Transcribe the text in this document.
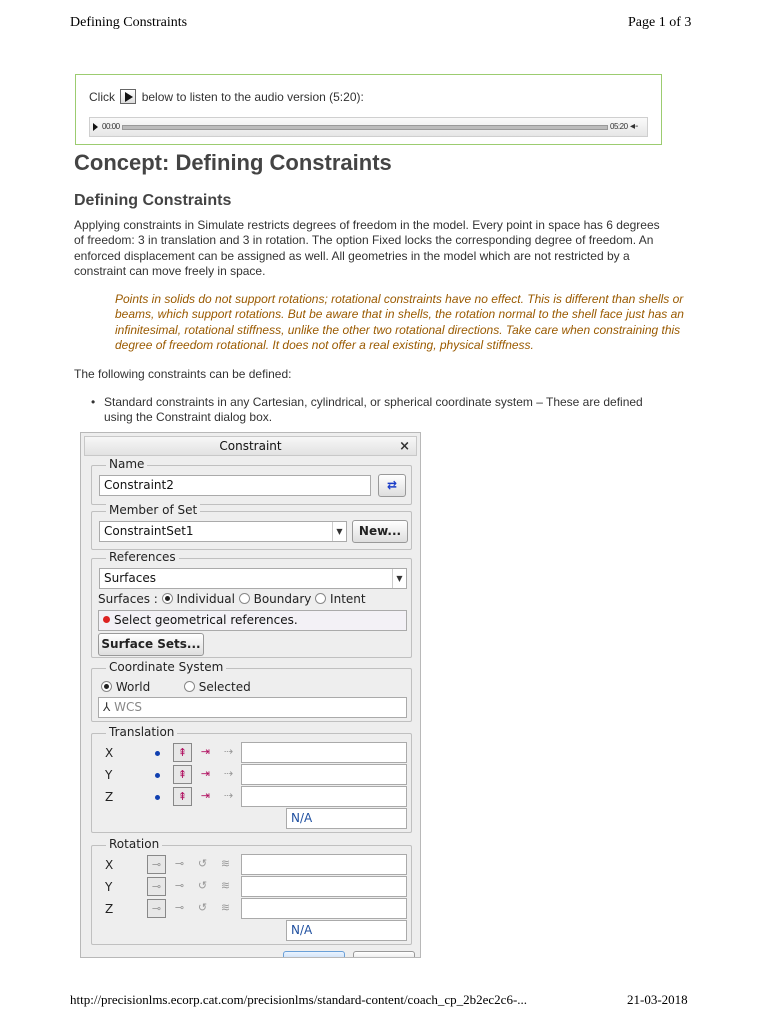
Defining Constraints	Page 1 of 3
Click below to listen to the audio version (5:20):
00:00	05:20 ◂-
Concept: Defining Constraints
Defining Constraints

Applying constraints in Simulate restricts degrees of freedom in the model. Every point in space has 6 degrees of freedom: 3 in translation and 3 in rotation. The option Fixed locks the corresponding degree of freedom. An enforced displacement can be assigned as well. All geometries in the model which are not restricted by a constraint can move freely in space.

Points in solids do not support rotations; rotational constraints have no effect. This is different than shells or beams, which support rotations. But be aware that in shells, the rotation normal to the shell face just has an infinitesimal, rotational stiffness, unlike the other two rotational directions. Take care when constraining this degree of freedom rotational. It does not offer a real existing, physical stiffness.

The following constraints can be defined:

• Standard constraints in any Cartesian, cylindrical, or spherical coordinate system – These are defined using the Constraint dialog box.

Constraint	×
Name
Constraint2	⇄
Member of Set
ConstraintSet1	▼	New...
References
Surfaces	▼
Surfaces : Individual Boundary Intent
Select geometrical references.
Surface Sets...
Coordinate System
World	Selected
⅄ WCS
Translation
X	⇞	⇥	⇢
Y	⇞	⇥	⇢
Z	⇞	⇥	⇢
N/A
Rotation
X	⊸	⊸	↺	≋
Y	⊸	⊸	↺	≋
Z	⊸	⊸	↺	≋
N/A
http://precisionlms.ecorp.cat.com/precisionlms/standard-content/coach_cp_2b2ec2c6-...	21-03-2018
